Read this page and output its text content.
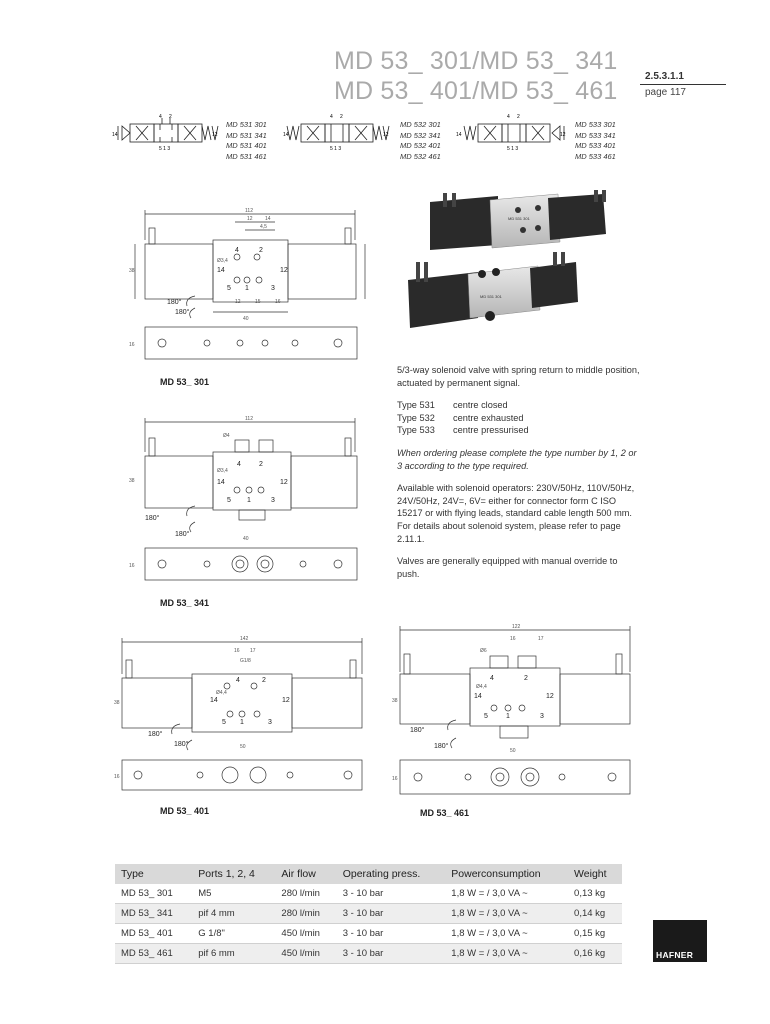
MD 53_ 301/MD 53_ 341
MD 53_ 401/MD 53_ 461
2.5.3.1.1
page 117
4 2
14	12
5 1 3
MD 531 301
MD 531 341
MD 531 401
MD 531 461
4 2
14	12
5 1 3
MD 532 301
MD 532 341
MD 532 401
MD 532 461
4 2
14	12
5 1 3
MD 533 301
MD 533 341
MD 533 401
MD 533 461
112
12 14
4,5
Ø3,4
4	2
14	12
5 1	3
40
38
16
12	15	16
180°
180°
MD 53_ 301
MD 531 301
MD 531 301

5/3-way solenoid valve with spring return to middle position, actuated by permanent signal.

Type 531	centre closed
Type 532	centre exhausted
Type 533	centre pressurised

When ordering please complete the type number by 1, 2 or 3 according to the type required.

Available with solenoid operators: 230V/50Hz, 110V/50Hz, 24V/50Hz, 24V=, 6V= either for connector form C ISO 15217 or with flying leads, standard cable length 500 mm. For details about solenoid system, please refer to page 2.11.1.

Valves are generally equipped with manual override to push.

112
Ø4
Ø3,4
4	2
14	12
5 1	3
40
38
16
180°
180°
MD 53_ 341
142
16 17
G1/8
Ø4,4
4	2
14	12
5 1	3
50
38
16
180°
180°
MD 53_ 401
122
16	17
Ø6
Ø4,4
4	2
14	12
5	1	3
50
38
16
180°
180°
MD 53_ 461
Type	Ports 1, 2, 4	Air flow	Operating press.	Powerconsumption	Weight
MD 53_ 301	M5	280 l/min	3 - 10 bar	1,8 W = / 3,0 VA ~	0,13 kg
MD 53_ 341	pif 4 mm	280 l/min	3 - 10 bar	1,8 W = / 3,0 VA ~	0,14 kg
MD 53_ 401	G 1/8"	450 l/min	3 - 10 bar	1,8 W = / 3,0 VA ~	0,15 kg
MD 53_ 461	pif 6 mm	450 l/min	3 - 10 bar	1,8 W = / 3,0 VA ~	0,16 kg	HAFNER
